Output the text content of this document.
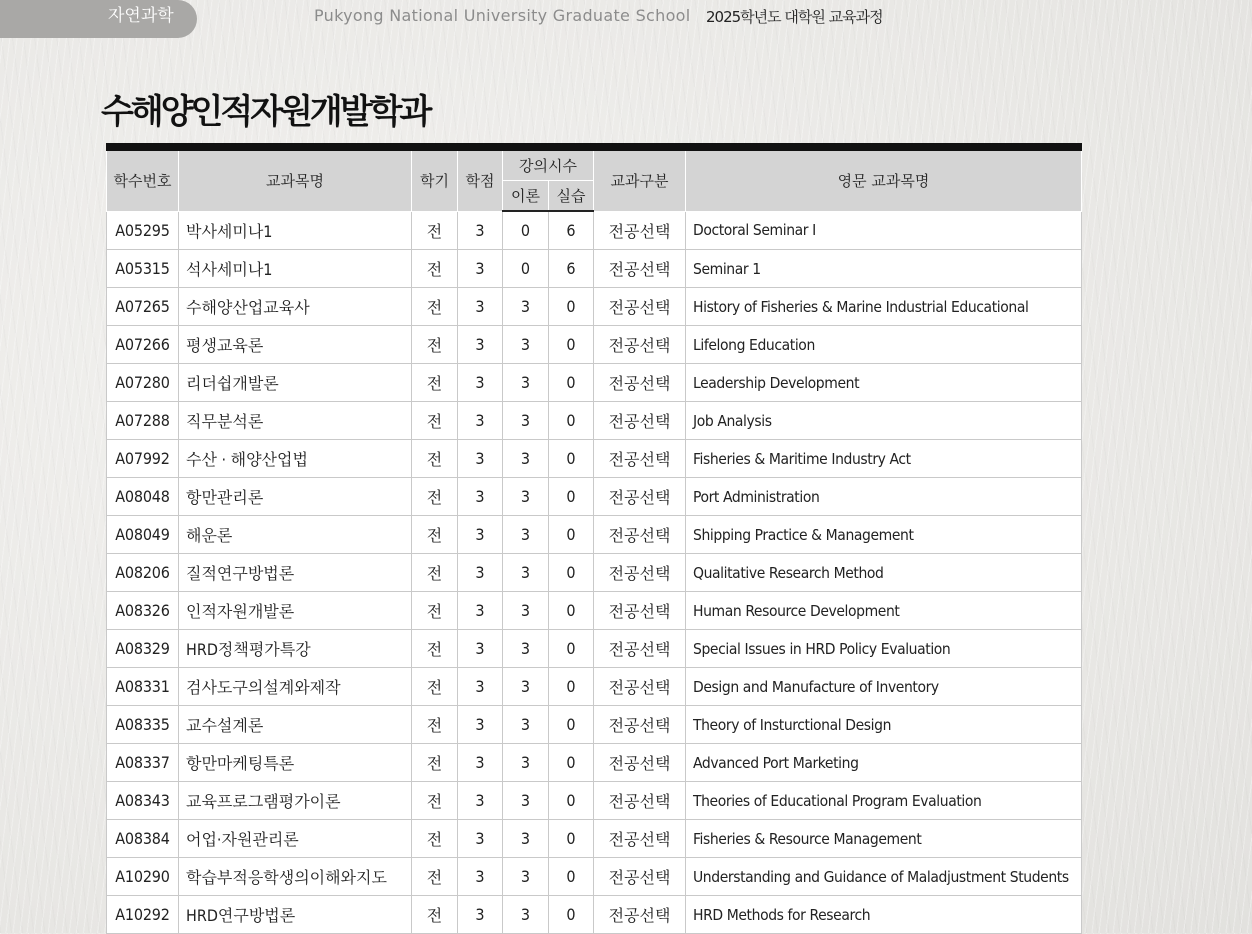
자연과학	Pukyong National University Graduate School 2025학년도 대학원 교육과정
수해양인적자원개발학과
학수번호	교과목명	학기	학점	강의시수		교과구분	영문 교과목명
				이론	실습		
A05295	박사세미나1	전	3	0	6	전공선택	Doctoral Seminar I
A05315	석사세미나1	전	3	0	6	전공선택	Seminar 1
A07265	수해양산업교육사	전	3	3	0	전공선택	History of Fisheries & Marine Industrial Educational
A07266	평생교육론	전	3	3	0	전공선택	Lifelong Education
A07280	리더쉽개발론	전	3	3	0	전공선택	Leadership Development
A07288	직무분석론	전	3	3	0	전공선택	Job Analysis
A07992	수산 · 해양산업법	전	3	3	0	전공선택	Fisheries & Maritime Industry Act
A08048	항만관리론	전	3	3	0	전공선택	Port Administration
A08049	해운론	전	3	3	0	전공선택	Shipping Practice & Management
A08206	질적연구방법론	전	3	3	0	전공선택	Qualitative Research Method
A08326	인적자원개발론	전	3	3	0	전공선택	Human Resource Development
A08329	HRD정책평가특강	전	3	3	0	전공선택	Special Issues in HRD Policy Evaluation
A08331	검사도구의설계와제작	전	3	3	0	전공선택	Design and Manufacture of Inventory
A08335	교수설계론	전	3	3	0	전공선택	Theory of Insturctional Design
A08337	항만마케팅특론	전	3	3	0	전공선택	Advanced Port Marketing
A08343	교육프로그램평가이론	전	3	3	0	전공선택	Theories of Educational Program Evaluation
A08384	어업·자원관리론	전	3	3	0	전공선택	Fisheries & Resource Management
A10290	학습부적응학생의이해와지도	전	3	3	0	전공선택	Understanding and Guidance of Maladjustment Students
A10292	HRD연구방법론	전	3	3	0	전공선택	HRD Methods for Research
